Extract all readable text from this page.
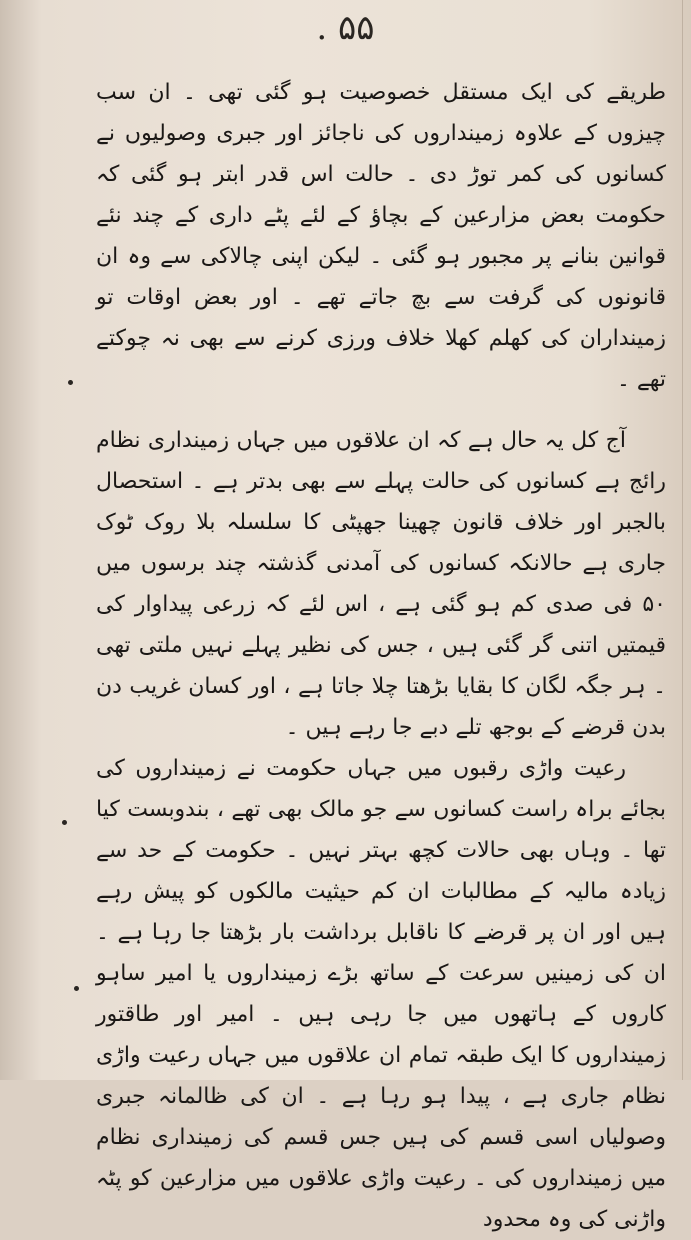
۵۵ .

طریقے کی ایک مستقل خصوصیت ہو گئی تھی ۔ ان سب چیزوں کے علاوہ زمینداروں کی ناجائز اور جبری وصولیوں نے کسانوں کی کمر توڑ دی ۔ حالت اس قدر ابتر ہو گئی کہ حکومت بعض مزارعین کے بچاؤ کے لئے پٹے داری کے چند نئے قوانین بنانے پر مجبور ہو گئی ۔ لیکن اپنی چالاکی سے وہ ان قانونوں کی گرفت سے بچ جاتے تھے ۔ اور بعض اوقات تو زمینداران کی کھلم کھلا خلاف ورزی کرنے سے بھی نہ چوکتے تھے ۔

آج کل یہ حال ہے کہ ان علاقوں میں جہاں زمینداری نظام رائج ہے کسانوں کی حالت پہلے سے بھی بدتر ہے ۔ استحصال بالجبر اور خلاف قانون چھینا جھپٹی کا سلسلہ بلا روک ٹوک جاری ہے حالانکہ کسانوں کی آمدنی گذشتہ چند برسوں میں ۵۰ فی صدی کم ہو گئی ہے ، اس لئے کہ زرعی پیداوار کی قیمتیں اتنی گر گئی ہیں ، جس کی نظیر پہلے نہیں ملتی تھی ۔ ہر جگہ لگان کا بقایا بڑھتا چلا جاتا ہے ، اور کسان غریب دن بدن قرضے کے بوجھ تلے دبے جا رہے ہیں ۔

رعیت واڑی رقبوں میں جہاں حکومت نے زمینداروں کی بجائے براہ راست کسانوں سے جو مالک بھی تھے ، بندوبست کیا تھا ۔ وہاں بھی حالات کچھ بہتر نہیں ۔ حکومت کے حد سے زیادہ مالیہ کے مطالبات ان کم حیثیت مالکوں کو پیش رہے ہیں اور ان پر قرضے کا ناقابل برداشت بار بڑھتا جا رہا ہے ۔ ان کی زمینیں سرعت کے ساتھ بڑے زمینداروں یا امیر ساہو کاروں کے ہاتھوں میں جا رہی ہیں ۔ امیر اور طاقتور زمینداروں کا ایک طبقہ تمام ان علاقوں میں جہاں رعیت واڑی نظام جاری ہے ، پیدا ہو رہا ہے ۔ ان کی ظالمانہ جبری وصولیاں اسی قسم کی ہیں جس قسم کی زمینداری نظام میں زمینداروں کی ۔ رعیت واڑی علاقوں میں مزارعین کو پٹہ واڑنی کی وہ محدود
